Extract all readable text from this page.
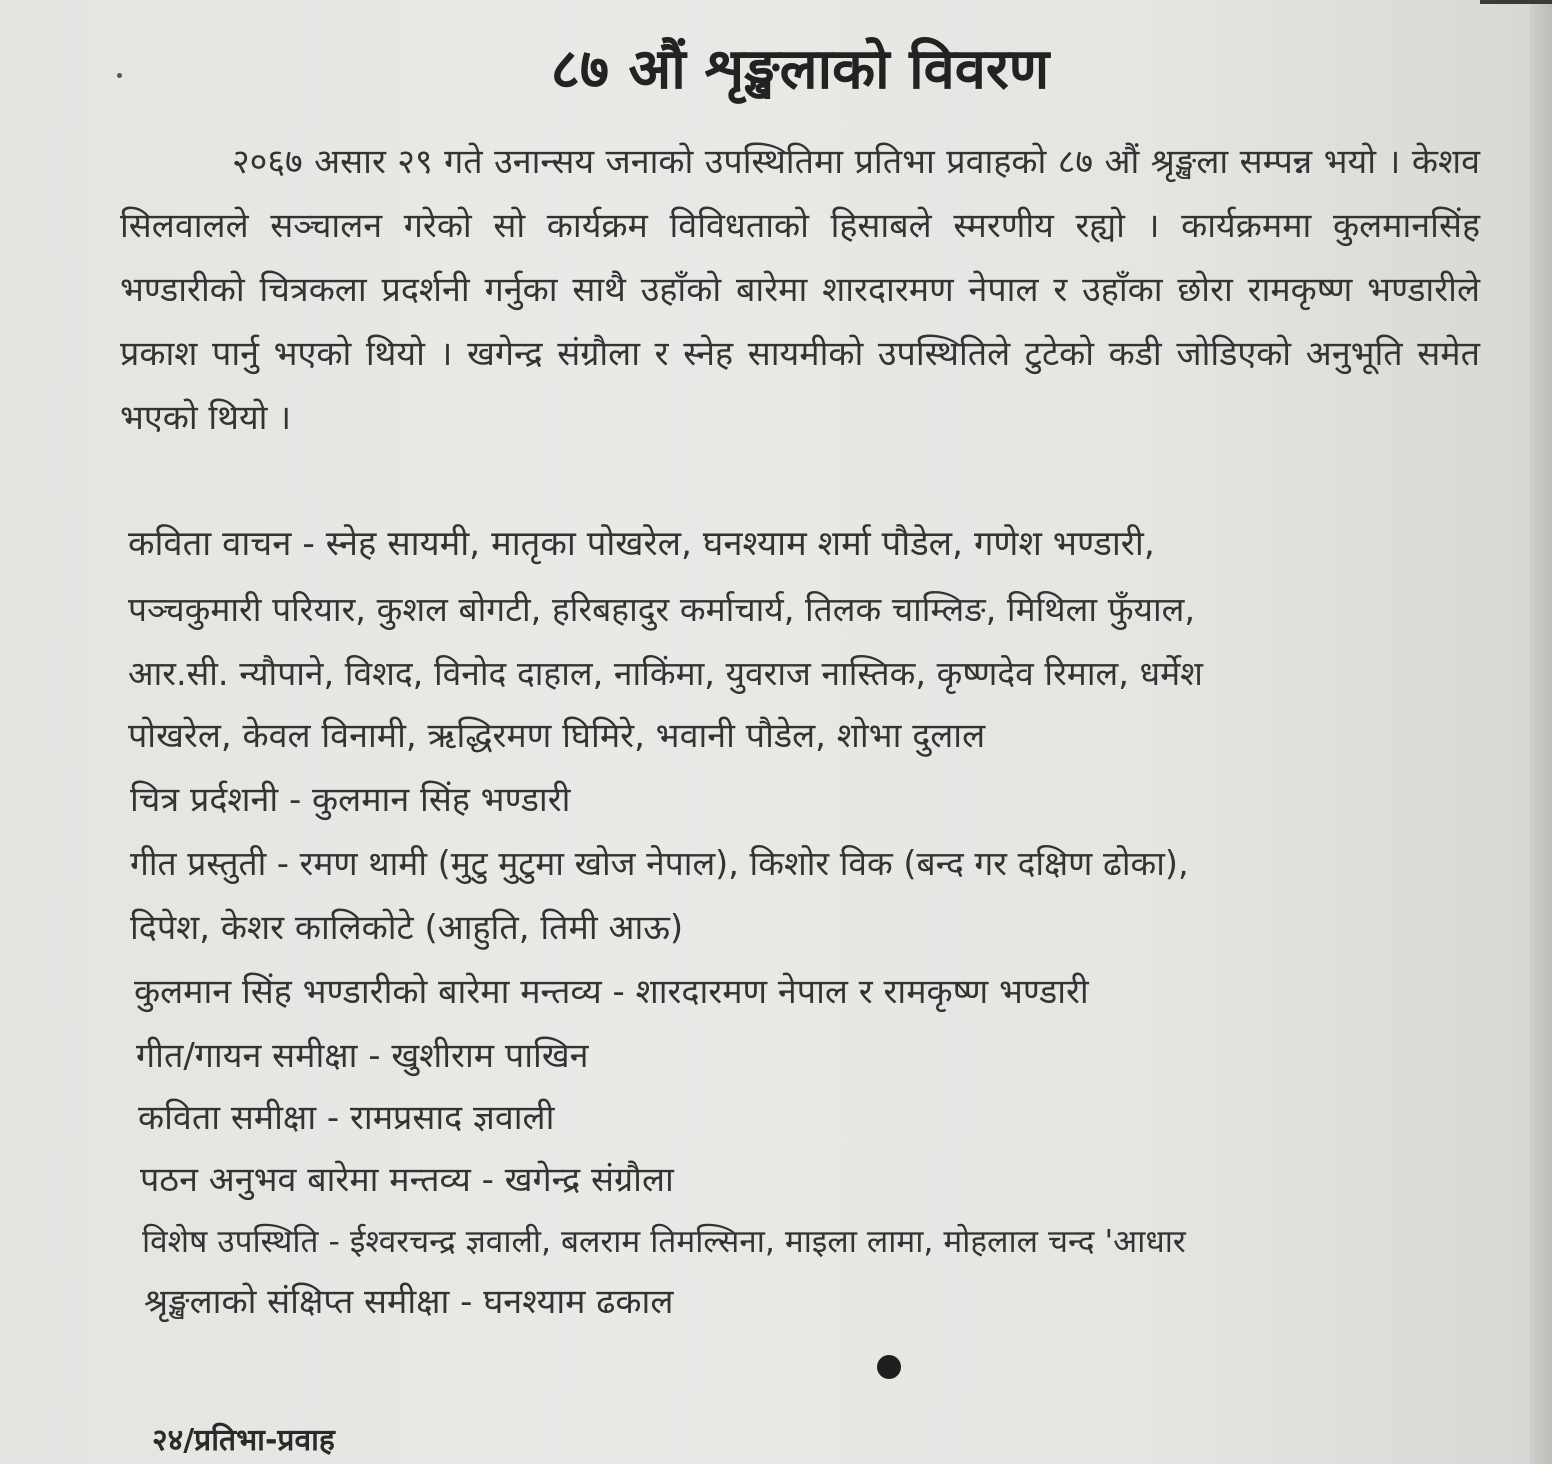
८७ औं शृङ्खलाको विवरण
२०६७ असार २९ गते उनान्सय जनाको उपस्थितिमा प्रतिभा प्रवाहको ८७ औं श्रृङ्खला सम्पन्न भयो । केशव सिलवालले सञ्चालन गरेको सो कार्यक्रम विविधताको हिसाबले स्मरणीय रह्यो । कार्यक्रममा कुलमानसिंह भण्डारीको चित्रकला प्रदर्शनी गर्नुका साथै उहाँको बारेमा शारदारमण नेपाल र उहाँका छोरा रामकृष्ण भण्डारीले प्रकाश पार्नु भएको थियो । खगेन्द्र संग्रौला र स्नेह सायमीको उपस्थितिले टुटेको कडी जोडिएको अनुभूति समेत भएको थियो ।
कविता वाचन - स्नेह सायमी, मातृका पोखरेल, घनश्याम शर्मा पौडेल, गणेश भण्डारी,
पञ्चकुमारी परियार, कुशल बोगटी, हरिबहादुर कर्माचार्य, तिलक चाम्लिङ, मिथिला फुँयाल,
आर.सी. न्यौपाने, विशद, विनोद दाहाल, नाकिंमा, युवराज नास्तिक, कृष्णदेव रिमाल, धर्मेश
पोखरेल, केवल विनामी, ऋद्धिरमण घिमिरे, भवानी पौडेल, शोभा दुलाल
चित्र प्रर्दशनी - कुलमान सिंह भण्डारी
गीत प्रस्तुती - रमण थामी (मुटु मुटुमा खोज नेपाल), किशोर विक (बन्द गर दक्षिण ढोका),
दिपेश, केशर कालिकोटे (आहुति, तिमी आऊ)
कुलमान सिंह भण्डारीको बारेमा मन्तव्य - शारदारमण नेपाल र रामकृष्ण भण्डारी
गीत/गायन समीक्षा - खुशीराम पाखिन
कविता समीक्षा - रामप्रसाद ज्ञवाली
पठन अनुभव बारेमा मन्तव्य - खगेन्द्र संग्रौला
विशेष उपस्थिति - ईश्वरचन्द्र ज्ञवाली, बलराम तिमल्सिना, माइला लामा, मोहलाल चन्द 'आधार
श्रृङ्खलाको संक्षिप्त समीक्षा - घनश्याम ढकाल
२४/प्रतिभा-प्रवाह
